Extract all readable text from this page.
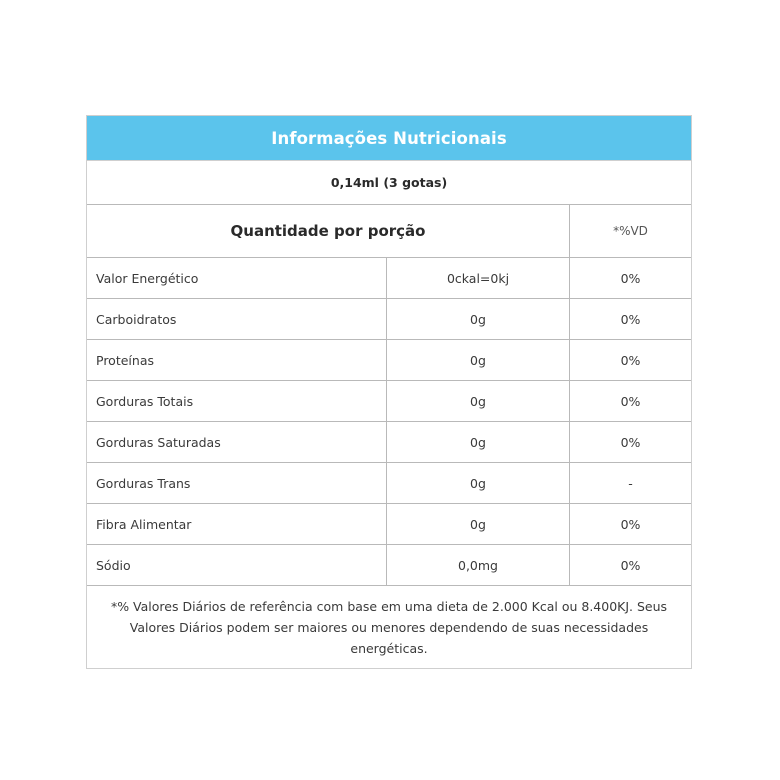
Informações Nutricionais
0,14ml (3 gotas)
Quantidade por porção	*%VD
Valor Energético	0ckal=0kj	0%
Carboidratos	0g	0%
Proteínas	0g	0%
Gorduras Totais	0g	0%
Gorduras Saturadas	0g	0%
Gorduras Trans	0g	-
Fibra Alimentar	0g	0%
Sódio	0,0mg	0%
*% Valores Diários de referência com base em uma dieta de 2.000 Kcal ou 8.400KJ. Seus Valores Diários podem ser maiores ou menores dependendo de suas necessidades energéticas.
